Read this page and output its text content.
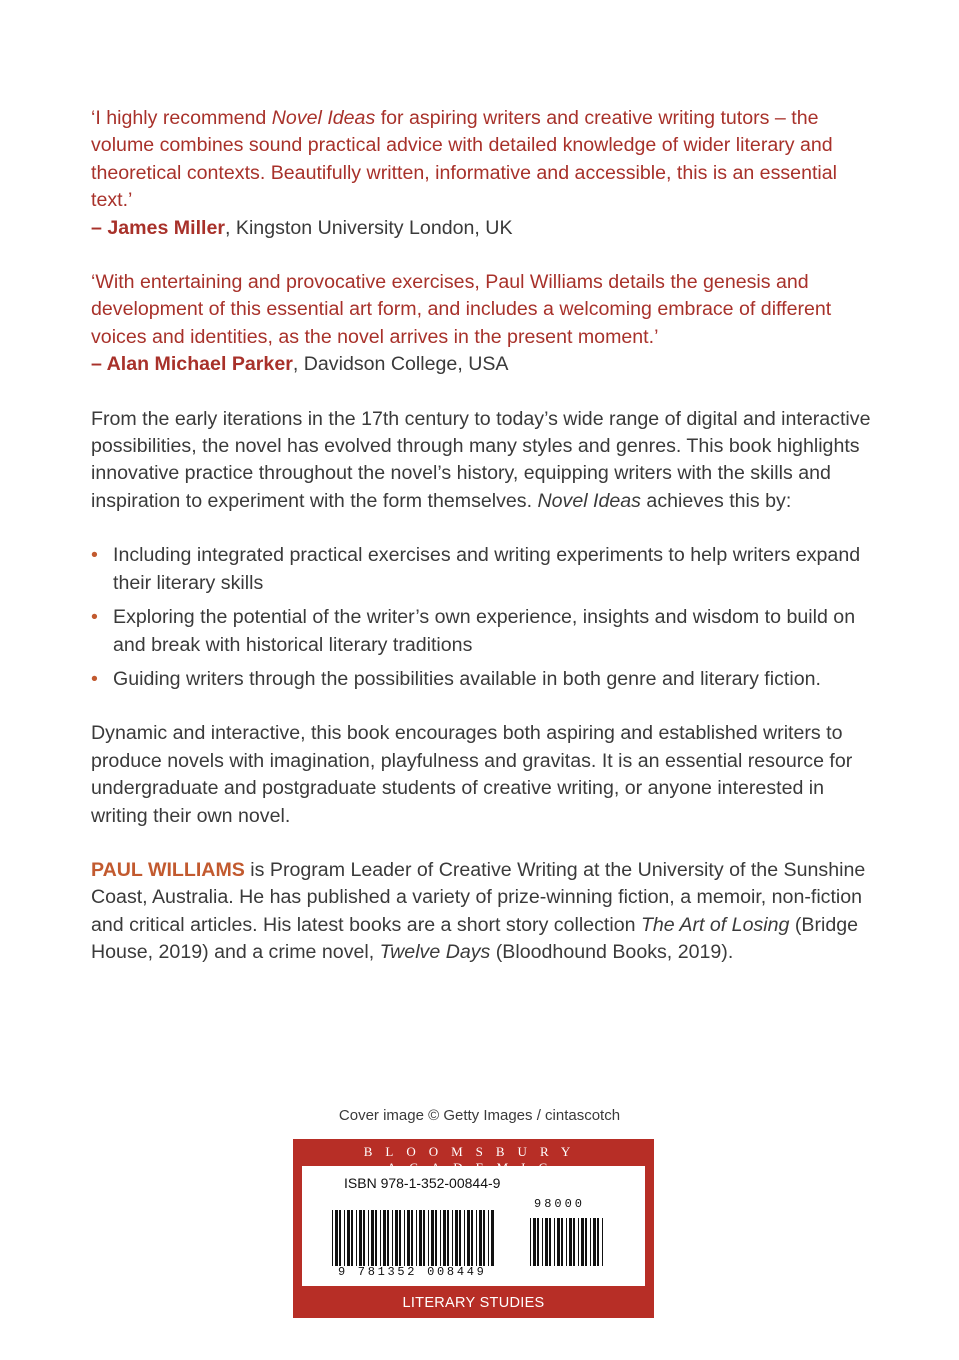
‘I highly recommend Novel Ideas for aspiring writers and creative writing tutors – the volume combines sound practical advice with detailed knowledge of wider literary and theoretical contexts. Beautifully written, informative and accessible, this is an essential text.’
– James Miller, Kingston University London, UK

‘With entertaining and provocative exercises, Paul Williams details the genesis and development of this essential art form, and includes a welcoming embrace of different voices and identities, as the novel arrives in the present moment.’
– Alan Michael Parker, Davidson College, USA

From the early iterations in the 17th century to today’s wide range of digital and interactive possibilities, the novel has evolved through many styles and genres. This book highlights innovative practice throughout the novel’s history, equipping writers with the skills and inspiration to experiment with the form themselves. Novel Ideas achieves this by:

• Including integrated practical exercises and writing experiments to help writers expand their literary skills
• Exploring the potential of the writer’s own experience, insights and wisdom to build on and break with historical literary traditions
• Guiding writers through the possibilities available in both genre and literary fiction.

Dynamic and interactive, this book encourages both aspiring and established writers to produce novels with imagination, playfulness and gravitas. It is an essential resource for undergraduate and postgraduate students of creative writing, or anyone interested in writing their own novel.

PAUL WILLIAMS is Program Leader of Creative Writing at the University of the Sunshine Coast, Australia. He has published a variety of prize-winning fiction, a memoir, non-fiction and critical articles. His latest books are a short story collection The Art of Losing (Bridge House, 2019) and a crime novel, Twelve Days (Bloodhound Books, 2019).

Cover image © Getty Images / cintascotch
BLOOMSBURY
ISBN 978-1-352-00844-9
98000
9 781352 008449
LITERARY STUDIES
